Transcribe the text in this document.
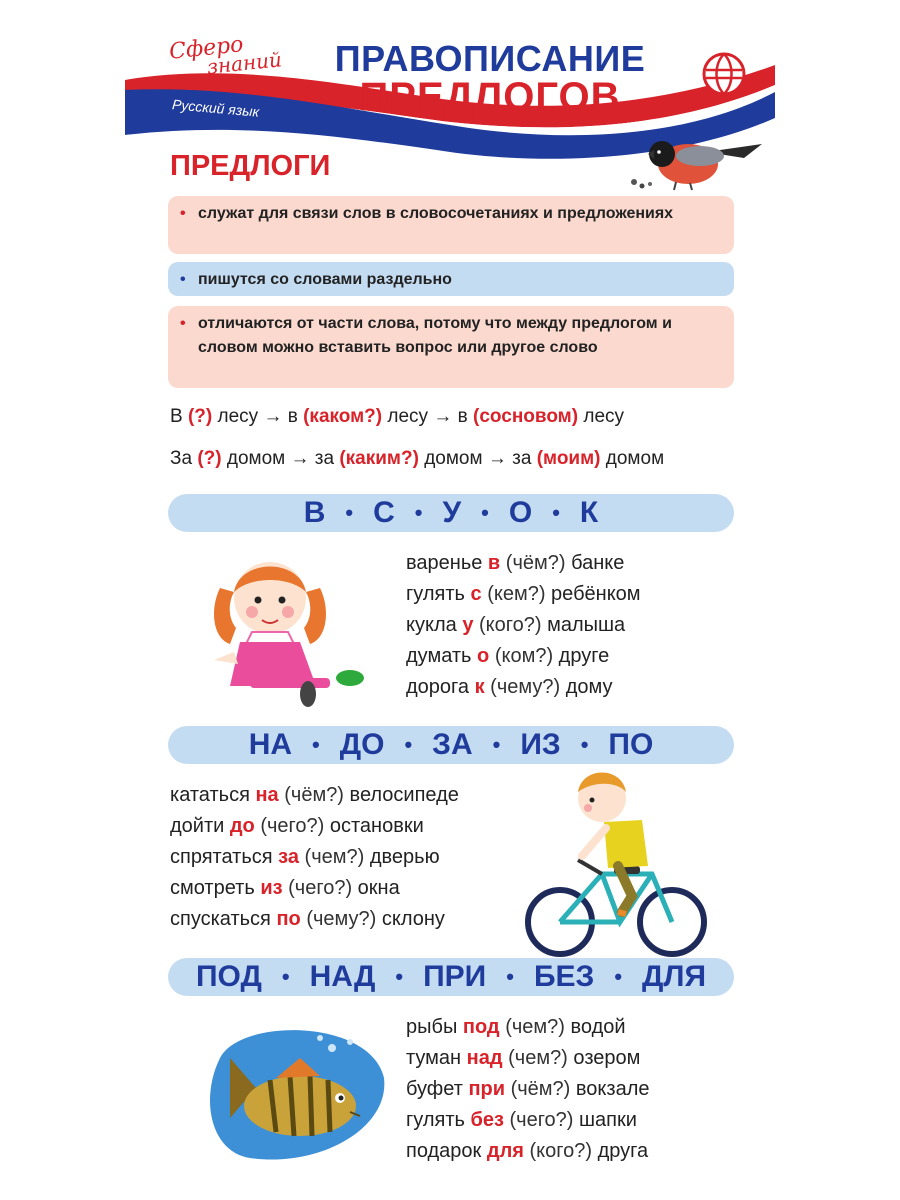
Сферо
знаний
Русский язык
ПРАВОПИСАНИЕ
ПРЕДЛОГОВ
ПРЕДЛОГИ
• служат для связи слов в словосочетаниях и предложениях
• пишутся со словами раздельно
• отличаются от части слова, потому что между предлогом и словом можно вставить вопрос или другое слово
В (?) лесу → в (каком?) лесу → в (сосновом) лесу
За (?) домом → за (каким?) домом → за (моим) домом
В • С • У • О • К
варенье в (чём?) банке
гулять с (кем?) ребёнком
кукла у (кого?) малыша
думать о (ком?) друге
дорога к (чему?) дому
НА • ДО • ЗА • ИЗ • ПО
кататься на (чём?) велосипеде
дойти до (чего?) остановки
спрятаться за (чем?) дверью
смотреть из (чего?) окна
спускаться по (чему?) склону
ПОД • НАД • ПРИ • БЕЗ • ДЛЯ
рыбы под (чем?) водой
туман над (чем?) озером
буфет при (чём?) вокзале
гулять без (чего?) шапки
подарок для (кого?) друга
